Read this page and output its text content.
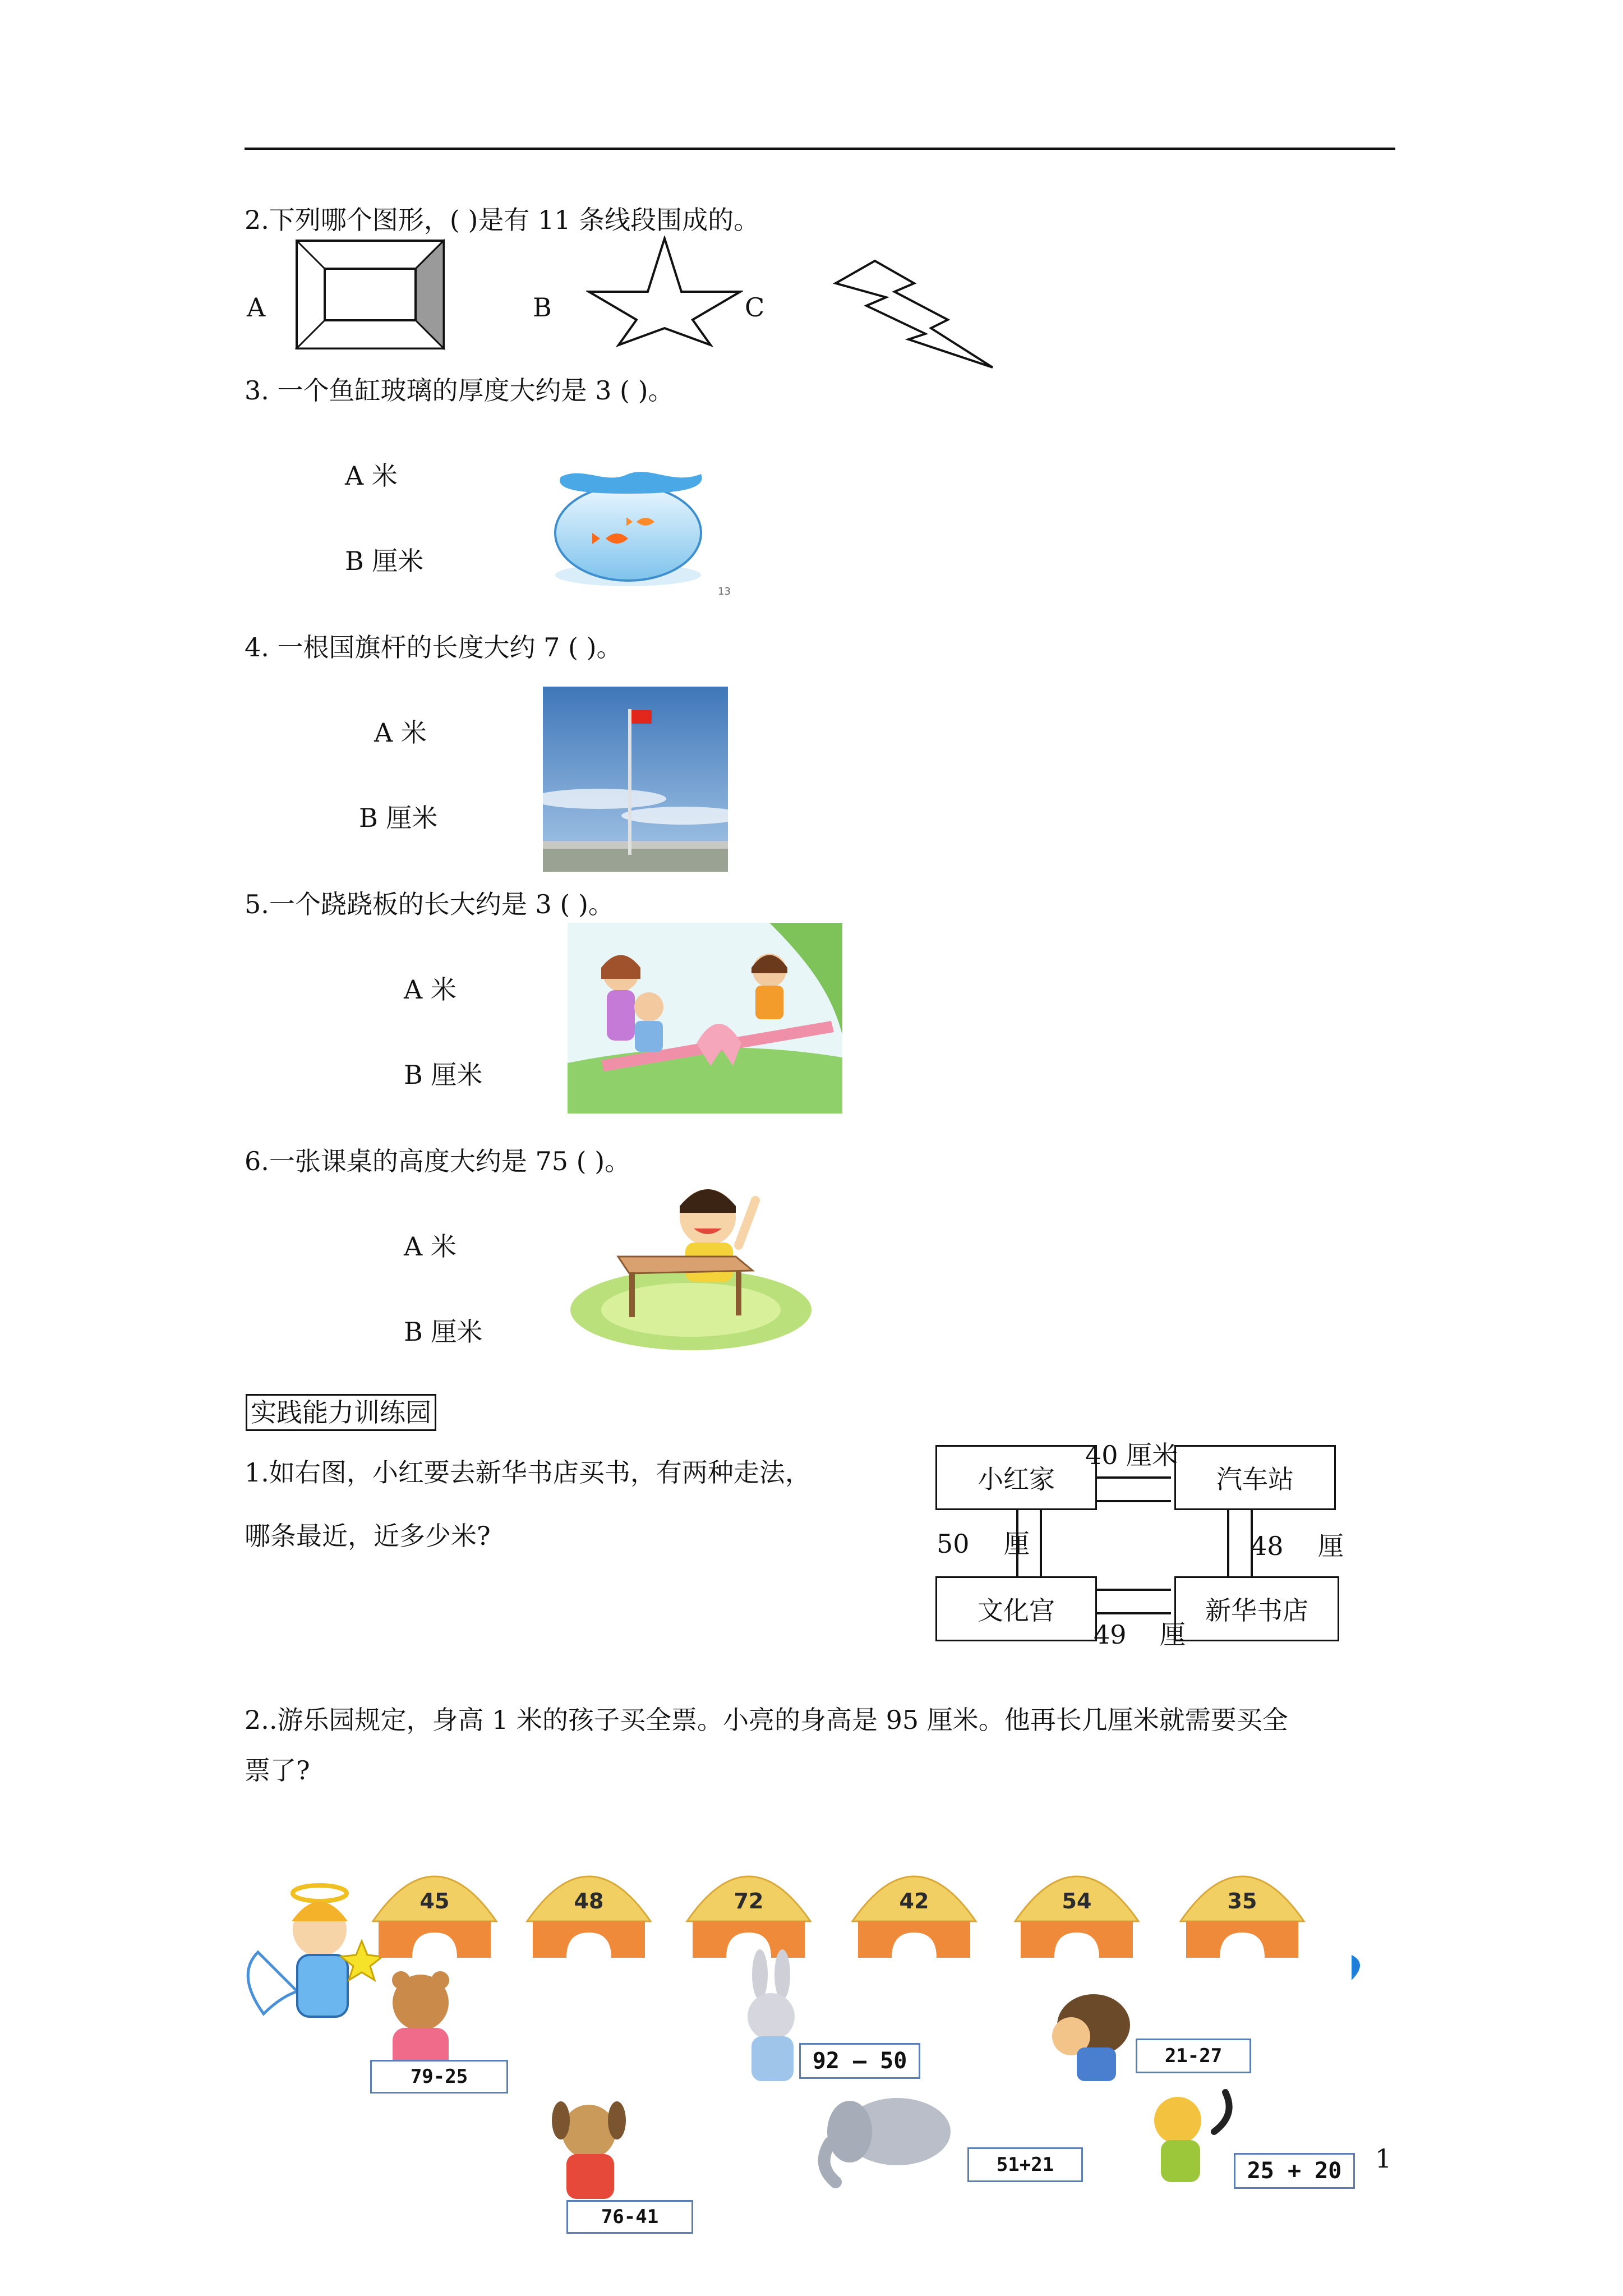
2.下列哪个图形，( )是有 11 条线段围成的。
A	B	C
3. 一个鱼缸玻璃的厚度大约是 3 ( )。
A 米
B 厘米
13
4. 一根国旗杆的长度大约 7 ( )。
A 米
B 厘米
5.一个跷跷板的长大约是 3 ( )。
A 米
B 厘米
6.一张课桌的高度大约是 75 ( )。
A 米
B 厘米
实践能力训练园
1.如右图，小红要去新华书店买书，有两种走法，
哪条最近，近多少米?
小红家	汽车站
文化宫	新华书店
40 厘米
50 厘	48 厘
49 厘
2..游乐园规定，身高 1 米的孩子买全票。小亮的身高是 95 厘米。他再长几厘米就需要买全
票了?
45	48	72	42	54	35
79-25
76-41
92 — 50
51+21
21-27
25 + 20	1
